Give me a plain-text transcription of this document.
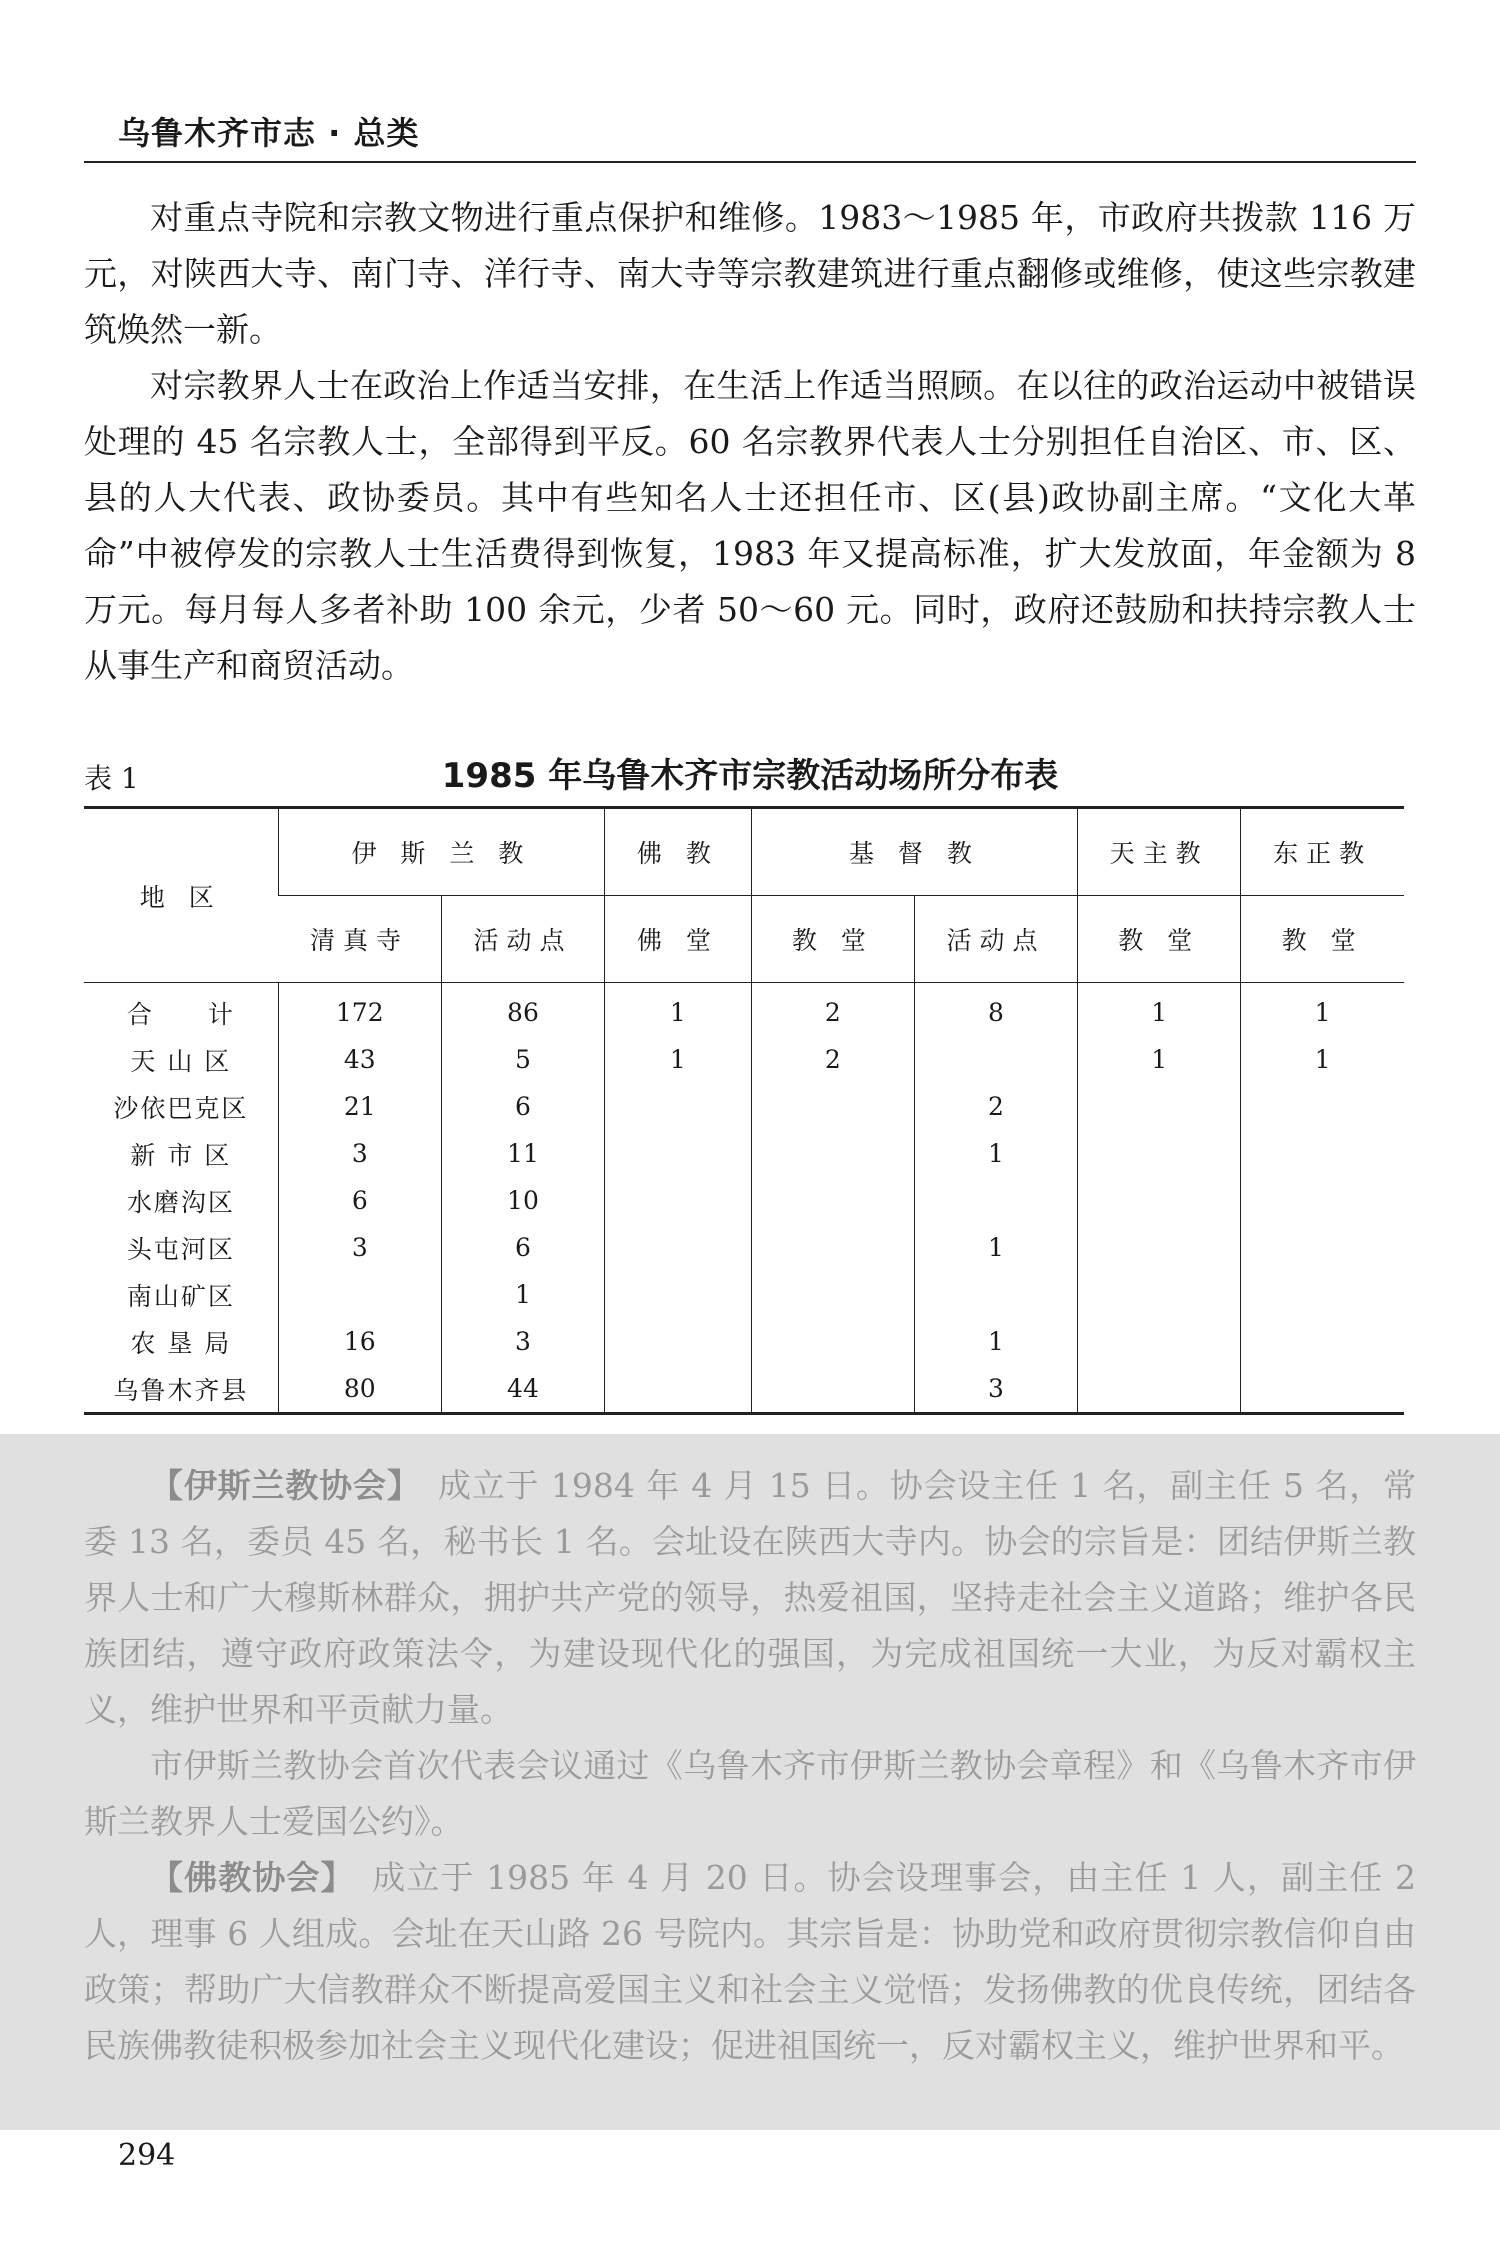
乌鲁木齐市志 · 总类

对重点寺院和宗教文物进行重点保护和维修。1983～1985 年，市政府共拨款 116 万元，对陕西大寺、南门寺、洋行寺、南大寺等宗教建筑进行重点翻修或维修，使这些宗教建筑焕然一新。

对宗教界人士在政治上作适当安排，在生活上作适当照顾。在以往的政治运动中被错误处理的 45 名宗教人士，全部得到平反。60 名宗教界代表人士分别担任自治区、市、区、县的人大代表、政协委员。其中有些知名人士还担任市、区(县)政协副主席。“文化大革命”中被停发的宗教人士生活费得到恢复，1983 年又提高标准，扩大发放面，年金额为 8 万元。每月每人多者补助 100 余元，少者 50～60 元。同时，政府还鼓励和扶持宗教人士从事生产和商贸活动。

表 1	1985 年乌鲁木齐市宗教活动场所分布表
地 区	伊 斯 兰 教		佛 教	基 督 教		天主教	东正教
	清真寺	活动点	佛 堂	教 堂	活动点	教 堂	教 堂
合　　计	172	86	1	2	8	1	1
天 山 区	43	5	1	2		1	1
沙依巴克区	21	6			2		
新 市 区	3	11			1		
水磨沟区	6	10					
头屯河区	3	6			1		
南山矿区		1					
农 垦 局	16	3			1		
乌鲁木齐县	80	44			3		

【伊斯兰教协会】　 成立于 1984 年 4 月 15 日。协会设主任 1 名，副主任 5 名，常委 13 名，委员 45 名，秘书长 1 名。会址设在陕西大寺内。协会的宗旨是：团结伊斯兰教界人士和广大穆斯林群众，拥护共产党的领导，热爱祖国，坚持走社会主义道路；维护各民族团结，遵守政府政策法令，为建设现代化的强国，为完成祖国统一大业，为反对霸权主义，维护世界和平贡献力量。

市伊斯兰教协会首次代表会议通过《乌鲁木齐市伊斯兰教协会章程》和《乌鲁木齐市伊斯兰教界人士爱国公约》。

【佛教协会】　 成立于 1985 年 4 月 20 日。协会设理事会，由主任 1 人，副主任 2 人，理事 6 人组成。会址在天山路 26 号院内。其宗旨是：协助党和政府贯彻宗教信仰自由政策；帮助广大信教群众不断提高爱国主义和社会主义觉悟；发扬佛教的优良传统，团结各民族佛教徒积极参加社会主义现代化建设；促进祖国统一，反对霸权主义，维护世界和平。

294
